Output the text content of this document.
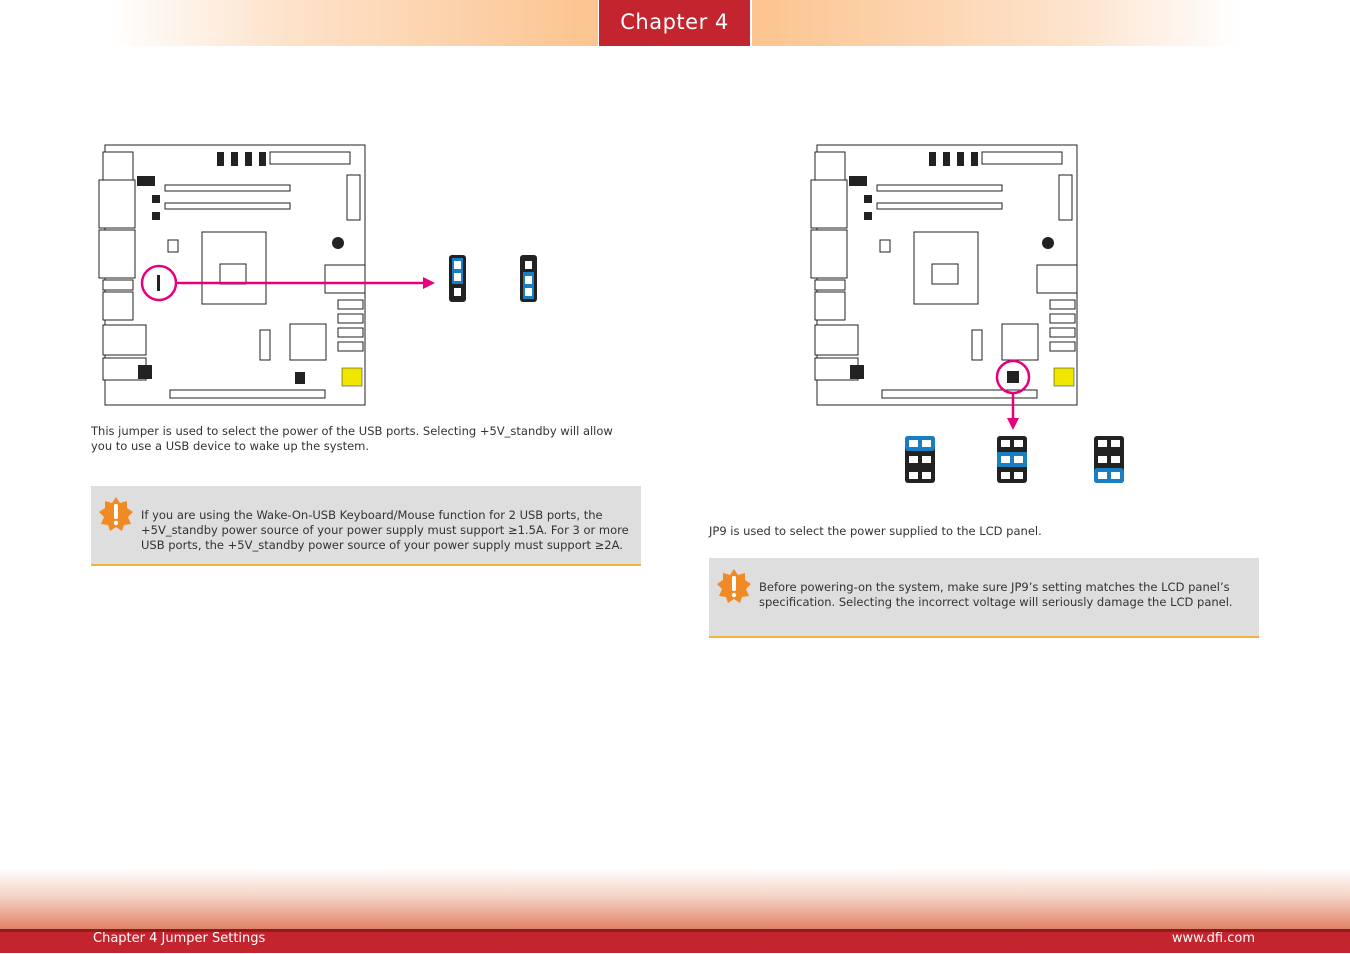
Chapter 4
This jumper is used to select the power of the USB ports. Selecting +5V_standby will allow you to use a USB device to wake up the system.
If you are using the Wake-On-USB Keyboard/Mouse function for 2 USB ports, the +5V_standby power source of your power supply must support ≥1.5A. For 3 or more USB ports, the +5V_standby power source of your power supply must support ≥2A.
JP9 is used to select the power supplied to the LCD panel.
Before powering-on the system, make sure JP9’s setting matches the LCD panel’s specification. Selecting the incorrect voltage will seriously damage the LCD panel.
Chapter 4 Jumper Settings	www.dfi.com
